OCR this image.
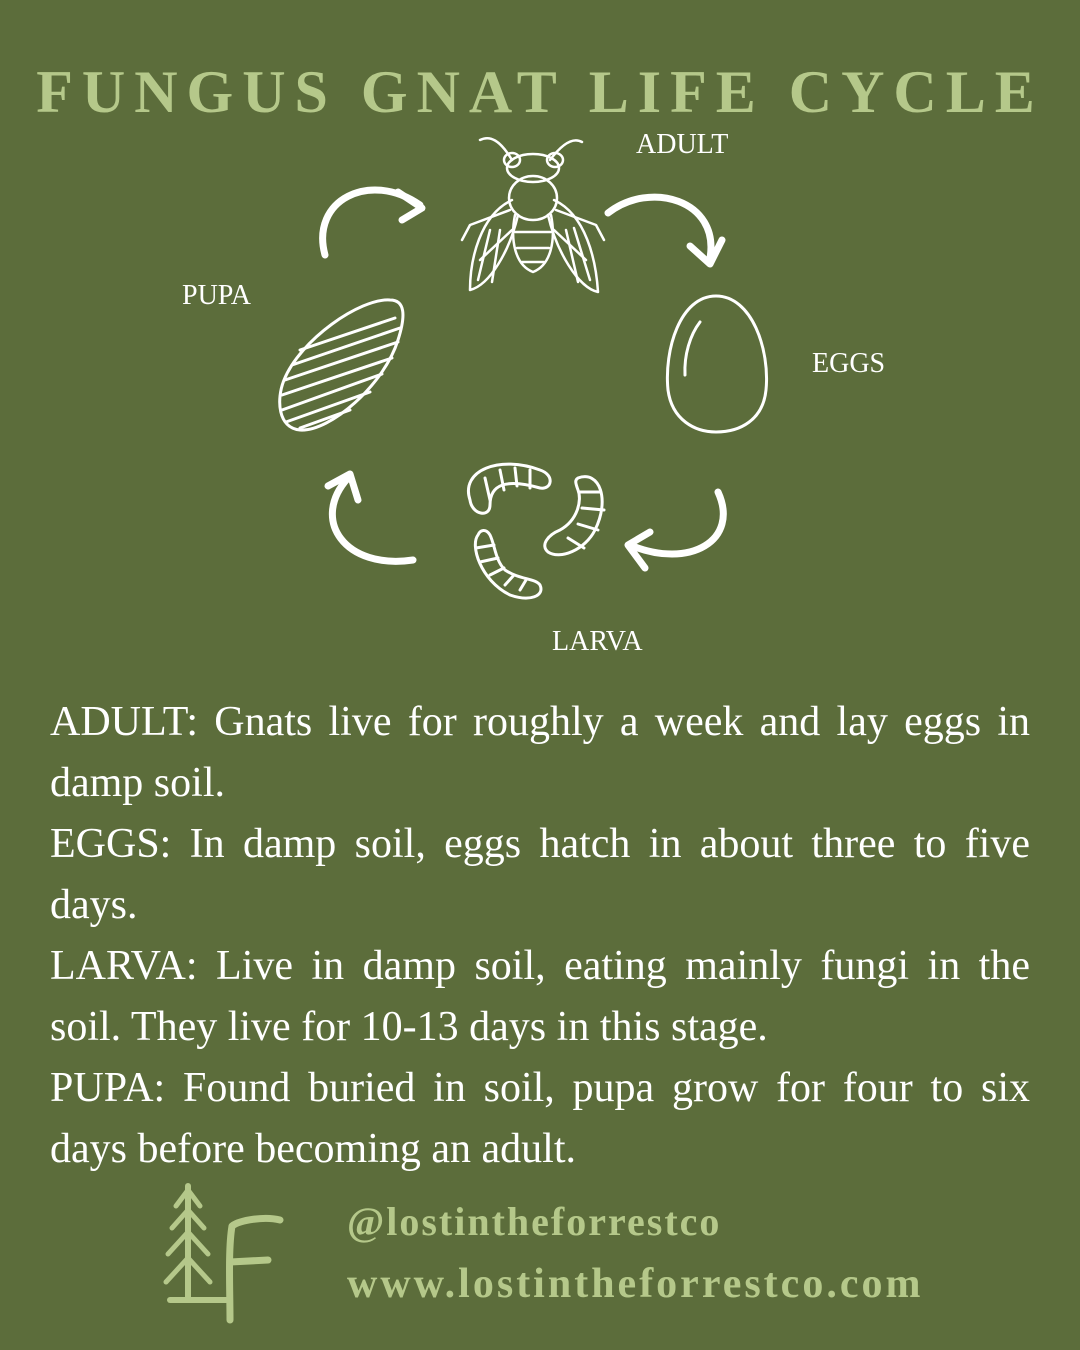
FUNGUS GNAT LIFE CYCLE
ADULT
EGGS
LARVA
PUPA

ADULT: Gnats live for roughly a week and lay eggs in damp soil.

EGGS: In damp soil, eggs hatch in about three to five days.

LARVA: Live in damp soil, eating mainly fungi in the soil. They live for 10-13 days in this stage.

PUPA: Found buried in soil, pupa grow for four to six days before becoming an adult.

@lostintheforrestco
www.lostintheforrestco.com
